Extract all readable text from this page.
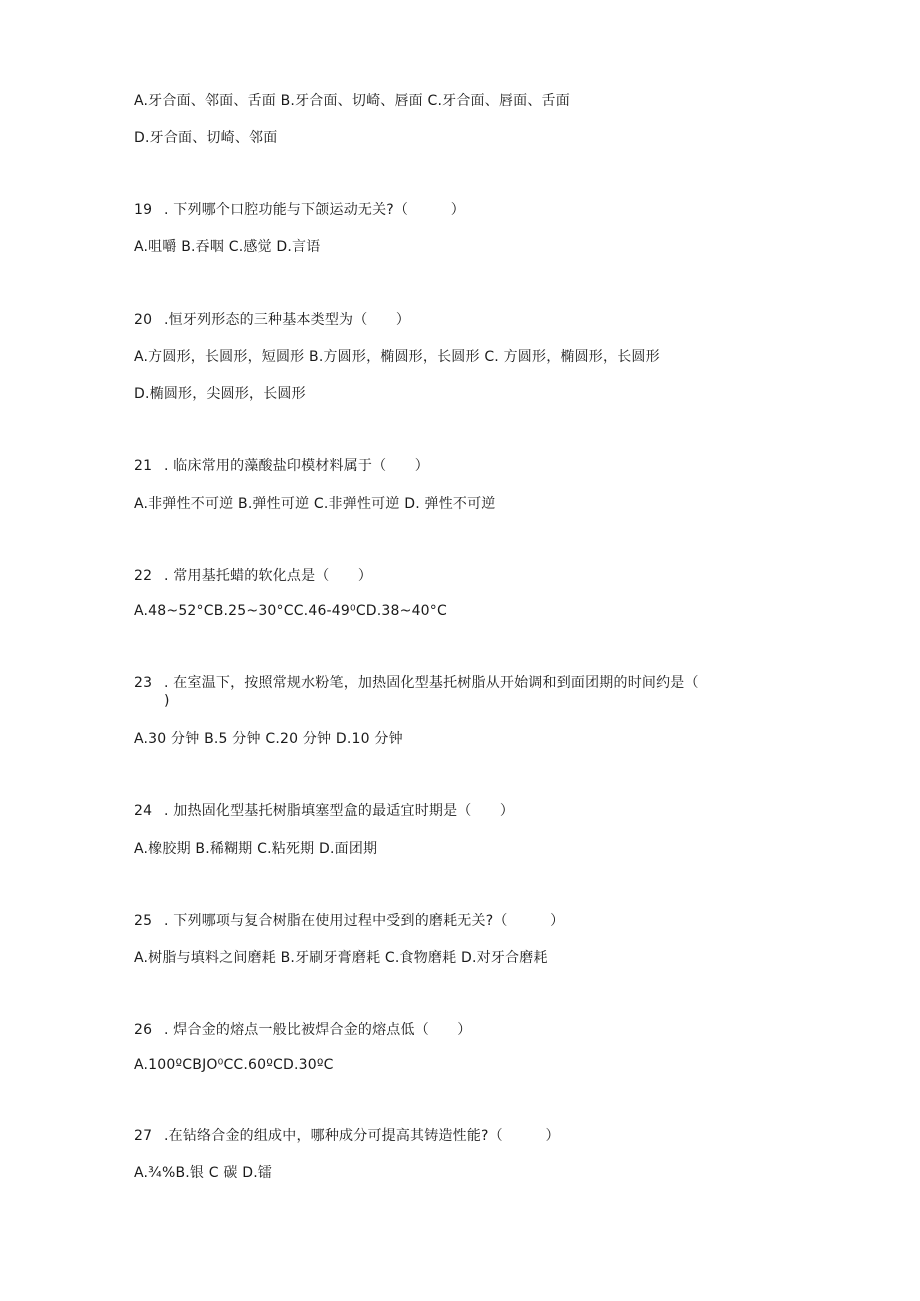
A.牙合面、邻面、舌面 B.牙合面、切崎、唇面 C.牙合面、唇面、舌面
D.牙合面、切崎、邻面
19 . 下列哪个口腔功能与下颌运动无关?（　　　）
A.咀嚼 B.吞咽 C.感觉 D.言语
20 .恒牙列形态的三种基本类型为（　　）
A.方圆形，长圆形，短圆形 B.方圆形，椭圆形，长圆形 C. 方圆形，椭圆形，长圆形
D.椭圆形，尖圆形，长圆形
21 . 临床常用的藻酸盐印模材料属于（　　）
A.非弹性不可逆 B.弹性可逆 C.非弹性可逆 D. 弹性不可逆
22 . 常用基托蜡的软化点是（　　）
A.48~52°CB.25~30°CC.46-49⁰CD.38~40°C
23 . 在室温下，按照常规水粉笔，加热固化型基托树脂从开始调和到面团期的时间约是（
)
A.30 分钟 B.5 分钟 C.20 分钟 D.10 分钟
24 . 加热固化型基托树脂填塞型盒的最适宜时期是（　　）
A.橡胶期 B.稀糊期 C.粘死期 D.面团期
25 . 下列哪项与复合树脂在使用过程中受到的磨耗无关?（　　　）
A.树脂与填料之间磨耗 B.牙刷牙膏磨耗 C.食物磨耗 D.对牙合磨耗
26 . 焊合金的熔点一般比被焊合金的熔点低（　　）
A.100ºCBJO⁰CC.60ºCD.30ºC
27 .在钻络合金的组成中，哪种成分可提高其铸造性能?（　　　）
A.¾%B.银 C 碳 D.镭
